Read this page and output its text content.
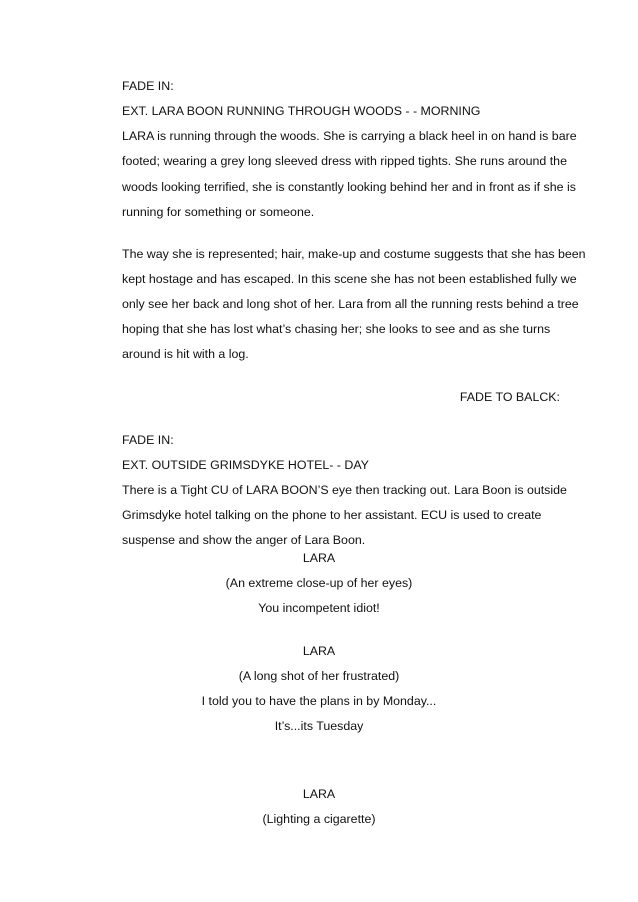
FADE IN:
EXT. LARA BOON RUNNING THROUGH WOODS - - MORNING
LARA is running through the woods. She is carrying a black heel in on hand is bare
footed; wearing a grey long sleeved dress with ripped tights. She runs around the
woods looking terrified, she is constantly looking behind her and in front as if she is
running for something or someone.
The way she is represented; hair, make-up and costume suggests that she has been
kept hostage and has escaped. In this scene she has not been established fully we
only see her back and long shot of her. Lara from all the running rests behind a tree
hoping that she has lost what’s chasing her; she looks to see and as she turns
around is hit with a log.
FADE TO BALCK:
FADE IN:
EXT. OUTSIDE GRIMSDYKE HOTEL- - DAY
There is a Tight CU of LARA BOON’S eye then tracking out. Lara Boon is outside
Grimsdyke hotel talking on the phone to her assistant. ECU is used to create
suspense and show the anger of Lara Boon.
LARA
(An extreme close-up of her eyes)
You incompetent idiot!
LARA
(A long shot of her frustrated)
I told you to have the plans in by Monday...
It’s...its Tuesday
LARA
(Lighting a cigarette)
